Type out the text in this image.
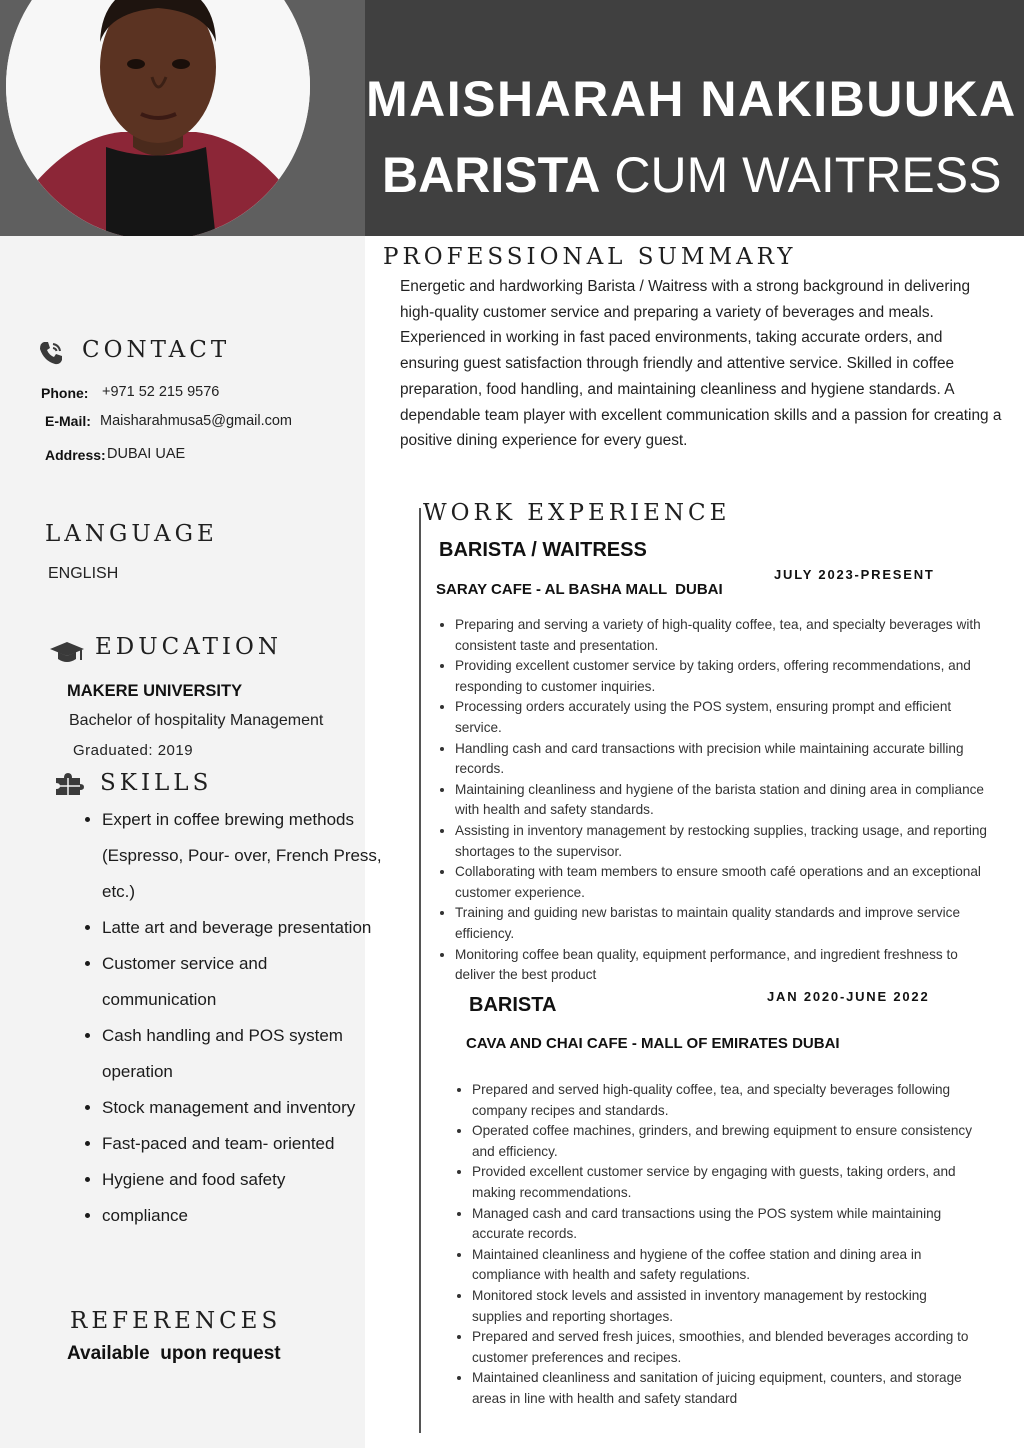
MAISHARAH NAKIBUUKA
BARISTA CUM WAITRESS
CONTACT
Phone: +971 52 215 9576
E-Mail: Maisharahmusa5@gmail.com
Address: DUBAI UAE
LANGUAGE
ENGLISH
EDUCATION
MAKERE UNIVERSITY
Bachelor of hospitality Management
Graduated: 2019
SKILLS
• Expert in coffee brewing methods (Espresso, Pour- over, French Press, etc.)
• Latte art and beverage presentation
• Customer service and communication
• Cash handling and POS system operation
• Stock management and inventory
• Fast-paced and team- oriented
• Hygiene and food safety
• compliance
REFERENCES
Available  upon request
PROFESSIONAL SUMMARY
Energetic and hardworking Barista / Waitress with a strong background in delivering high-quality customer service and preparing a variety of beverages and meals. Experienced in working in fast paced environments, taking accurate orders, and ensuring guest satisfaction through friendly and attentive service. Skilled in coffee preparation, food handling, and maintaining cleanliness and hygiene standards. A dependable team player with excellent communication skills and a passion for creating a positive dining experience for every guest.
WORK EXPERIENCE
BARISTA / WAITRESS
SARAY CAFE - AL BASHA MALL  DUBAI
JULY 2023-PRESENT
• Preparing and serving a variety of high-quality coffee, tea, and specialty beverages with consistent taste and presentation.
• Providing excellent customer service by taking orders, offering recommendations, and responding to customer inquiries.
• Processing orders accurately using the POS system, ensuring prompt and efficient service.
• Handling cash and card transactions with precision while maintaining accurate billing records.
• Maintaining cleanliness and hygiene of the barista station and dining area in compliance with health and safety standards.
• Assisting in inventory management by restocking supplies, tracking usage, and reporting shortages to the supervisor.
• Collaborating with team members to ensure smooth café operations and an exceptional customer experience.
• Training and guiding new baristas to maintain quality standards and improve service efficiency.
• Monitoring coffee bean quality, equipment performance, and ingredient freshness to deliver the best product
BARISTA	JAN 2020-JUNE 2022
CAVA AND CHAI CAFE - MALL OF EMIRATES DUBAI
• Prepared and served high-quality coffee, tea, and specialty beverages following company recipes and standards.
• Operated coffee machines, grinders, and brewing equipment to ensure consistency and efficiency.
• Provided excellent customer service by engaging with guests, taking orders, and making recommendations.
• Managed cash and card transactions using the POS system while maintaining accurate records.
• Maintained cleanliness and hygiene of the coffee station and dining area in compliance with health and safety regulations.
• Monitored stock levels and assisted in inventory management by restocking supplies and reporting shortages.
• Prepared and served fresh juices, smoothies, and blended beverages according to customer preferences and recipes.
• Maintained cleanliness and sanitation of juicing equipment, counters, and storage areas in line with health and safety standard
